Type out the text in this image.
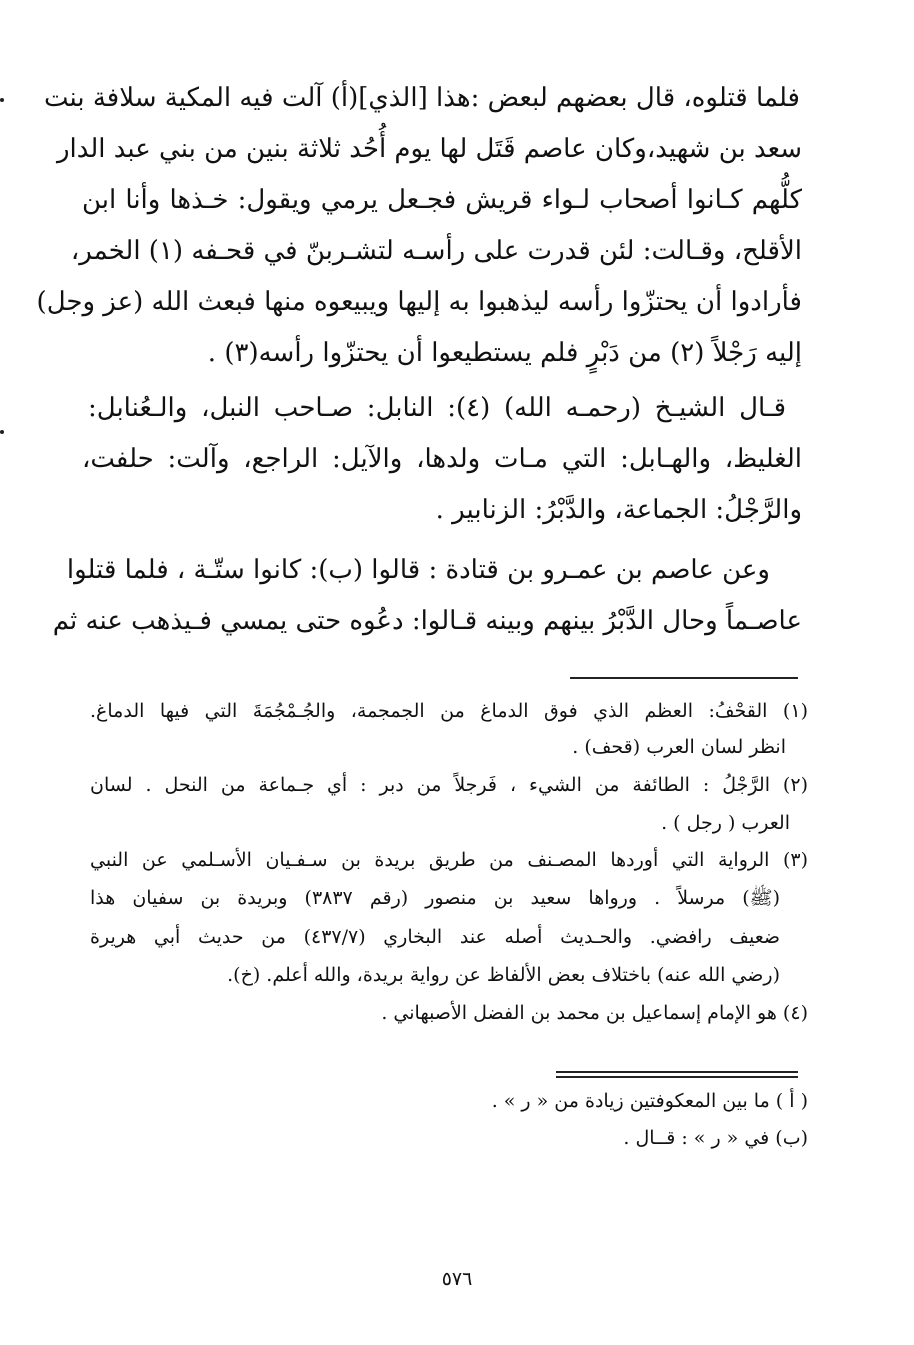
فلما قتلوه، قال بعضهم لبعض :هذا [الذي](أ) آلت فيه المكية سلافة بنت
سعد بن شهيد،وكان عاصم قَتَل لها يوم أُحُد ثلاثة بنين من بني عبد الدار
كلُّهم كـانوا أصحاب لـواء قريش فجـعل يرمي ويقول: خـذها وأنا ابن
الأقلح، وقـالت: لئن قدرت على رأسـه لتشـربنّ في قحـفه (١) الخمر،
فأرادوا أن يحتزّوا رأسه ليذهبوا به إليها ويبيعوه منها فبعث الله (عز وجل)
إليه رَجْلاً (٢) من دَبْرٍ فلم يستطيعوا أن يحتزّوا رأسه(٣) .
قـال الشيـخ (رحمـه الله) (٤): النابل: صـاحب النبل، والـعُنابل:
الغليظ، والهـابل: التي مـات ولدها، والآيل: الراجع، وآلت: حلفت،
والرَّجْلُ: الجماعة، والدَّبْرُ: الزنابير .
وعن عاصم بن عمـرو بن قتادة : قالوا (ب): كانوا ستّـة ، فلما قتلوا
عاصـماً وحال الدَّبْرُ بينهم وبينه قـالوا: دعُوه حتى يمسي فـيذهب عنه ثم
(١) القحْفُ: العظم الذي فوق الدماغ من الجمجمة، والجُـمْجُمَةَ التي فيها الدماغ.
انظر لسان العرب (قحف) .
(٢) الرَّجْلُ : الطائفة من الشيء ، فَرجلاً من دبر : أي جـماعة من النحل . لسان
العرب ( رجل ) .
(٣) الرواية التي أوردها المصـنف من طريق بريدة بن سـفـيان الأسـلمي عن النبي
(ﷺ) مرسلاً . ورواها سعيد بن منصور (رقم ٣٨٣٧) وبريدة بن سفيان هذا
ضعيف رافضي. والحـديث أصله عند البخاري (٤٣٧/٧) من حديث أبي هريرة
(رضي الله عنه) باختلاف بعض الألفاظ عن رواية بريدة، والله أعلم. (خ).
(٤) هو الإمام إسماعيل بن محمد بن الفضل الأصبهاني .
( أ ) ما بين المعكوفتين زيادة من « ر » .
(ب) في « ر » : قــال .
٥٧٦
